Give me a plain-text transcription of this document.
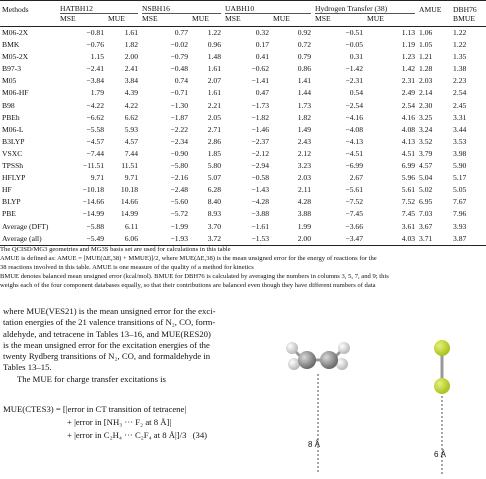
Methods	HATBH12		NSBH16		UABH10		Hydrogen Transfer (38)		AMUE	DBH76
	MSE	MUE	MSE	MUE	MSE	MUE	MSE	MUE		BMUE
M06-2X	−0.81	1.61	0.77	1.22	0.32	0.92	−0.51	1.13	1.06	1.22
BMK	−0.76	1.82	−0.02	0.96	0.17	0.72	−0.05	1.19	1.05	1.22
M05-2X	1.15	2.00	−0.79	1.48	0.41	0.79	0.31	1.23	1.21	1.35
B97-3	−2.41	2.41	−0.48	1.61	−0.62	0.86	−1.42	1.42	1.28	1.38
M05	−3.84	3.84	0.74	2.07	−1.41	1.41	−2.31	2.31	2.03	2.23
M06-HF	1.79	4.39	−0.71	1.61	0.47	1.44	0.54	2.49	2.14	2.54
B98	−4.22	4.22	−1.30	2.21	−1.73	1.73	−2.54	2.54	2.30	2.45
PBEh	−6.62	6.62	−1.87	2.05	−1.82	1.82	−4.16	4.16	3.25	3.31
M06-L	−5.58	5.93	−2.22	2.71	−1.46	1.49	−4.08	4.08	3.24	3.44
B3LYP	−4.57	4.57	−2.34	2.86	−2.37	2.43	−4.13	4.13	3.52	3.53
VSXC	−7.44	7.44	−0.90	1.85	−2.12	2.12	−4.51	4.51	3.79	3.98
TPSSh	−11.51	11.51	−5.80	5.80	−2.94	3.23	−6.99	6.99	4.57	5.90
HFLYP	9.71	9.71	−2.16	5.07	−0.58	2.03	2.67	5.96	5.04	5.17
HF	−10.18	10.18	−2.48	6.28	−1.43	2.11	−5.61	5.61	5.02	5.05
BLYP	−14.66	14.66	−5.60	8.40	−4.28	4.28	−7.52	7.52	6.95	7.67
PBE	−14.99	14.99	−5.72	8.93	−3.88	3.88	−7.45	7.45	7.03	7.96
Average (DFT)	−5.88	6.11	−1.99	3.70	−1.61	1.99	−3.66	3.61	3.67	3.93
Average (all)	−5.49	6.06	−1.93	3.72	−1.53	2.00	−3.47	4.03	3.71	3.87
The QCISD/MG3 geometries and MG3S basis set are used for calculations in this table
AMUE is defined as: AMUE = [MUE(ΔE,38) + MMUE)]/2, where MUE(ΔE,38) is the mean unsigned error for the energy of reactions for the
38 reactions involved in this table. AMUE is one measure of the quality of a method for kinetics
BMUE denotes balanced mean unsigned error (kcal/mol). BMUE for DBH76 is calculated by averaging the numbers in columns 3, 5, 7, and 9; this
weighs each of the four component databases equally, so that their contributions are balanced even though they have different numbers of data

where MUE(VES21) is the mean unsigned error for the exci-

tation energies of the 21 valence transitions of N₂, CO, form-

aldehyde, and tetracene in Tables 13–16, and MUE(RES20)

is the mean unsigned error for the excitation energies of the

twenty Rydberg transitions of N₂, CO, and formaldehyde in

Tables 13–15.

The MUE for charge transfer excitations is

MUE(CTES3) = [|error in CT transition of tetracene|
+ |error in [NH₃ ··· F₂ at 8 Å]|
+ |error in C₂H₄ ··· C₂F₄ at 8 Å|]/3 (34)
8 Å
6 Å
